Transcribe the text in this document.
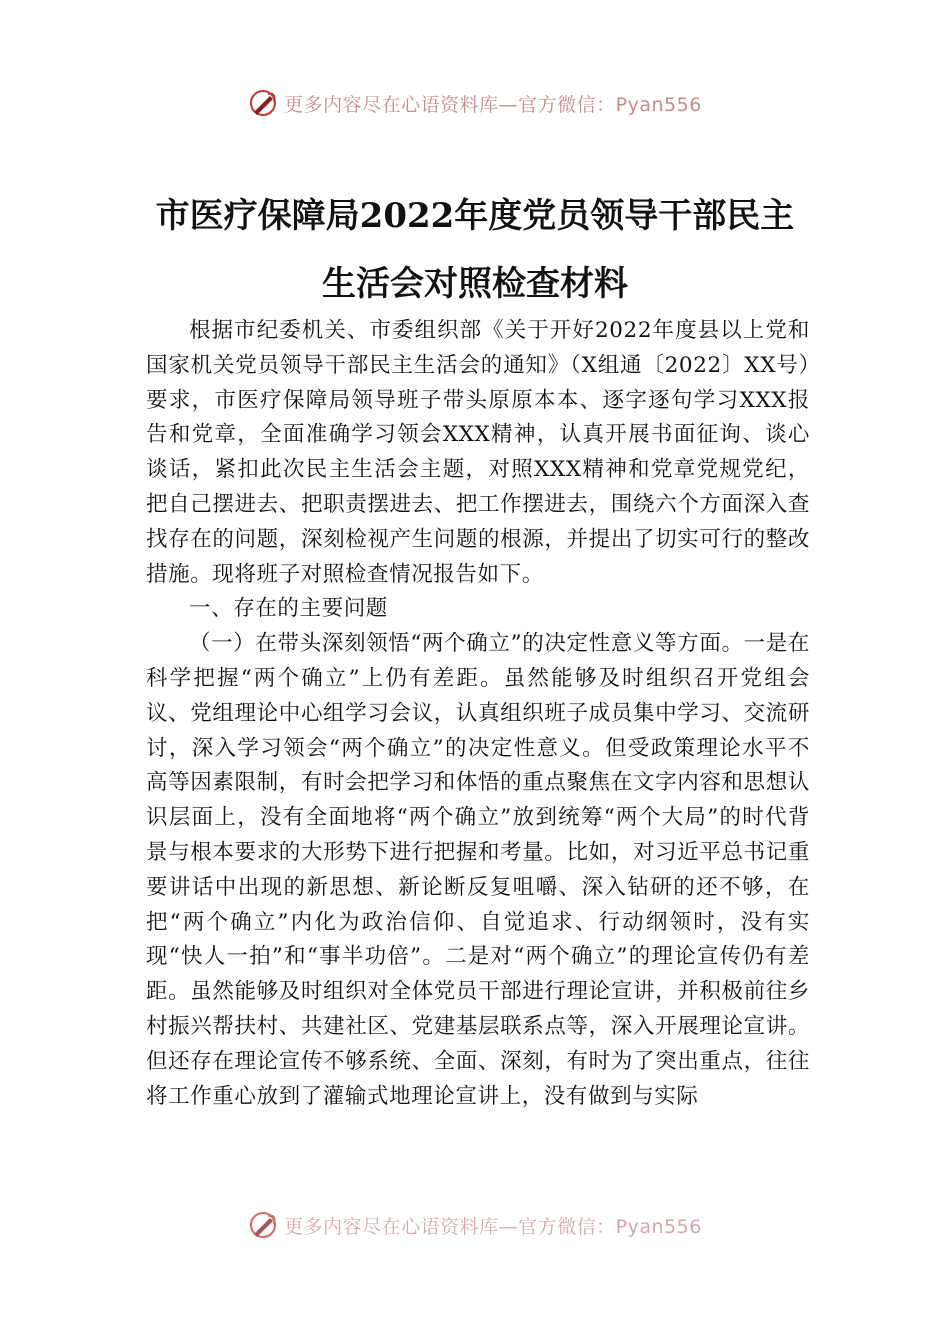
更多内容尽在心语资料库—官方微信：Pyan556
市医疗保障局2022年度党员领导干部民主
生活会对照检查材料

根据市纪委机关、市委组织部《关于开好2022年度县以上党和国家机关党员领导干部民主生活会的通知》（X组通〔2022〕XX号）要求，市医疗保障局领导班子带头原原本本、逐字逐句学习XXX报告和党章，全面准确学习领会XXX精神，认真开展书面征询、谈心谈话，紧扣此次民主生活会主题，对照XXX精神和党章党规党纪，把自己摆进去、把职责摆进去、把工作摆进去，围绕六个方面深入查找存在的问题，深刻检视产生问题的根源，并提出了切实可行的整改措施。现将班子对照检查情况报告如下。

一、存在的主要问题

（一）在带头深刻领悟“两个确立”的决定性意义等方面。一是在科学把握“两个确立”上仍有差距。虽然能够及时组织召开党组会议、党组理论中心组学习会议，认真组织班子成员集中学习、交流研讨，深入学习领会“两个确立”的决定性意义。但受政策理论水平不高等因素限制，有时会把学习和体悟的重点聚焦在文字内容和思想认识层面上，没有全面地将“两个确立”放到统筹“两个大局”的时代背景与根本要求的大形势下进行把握和考量。比如，对习近平总书记重要讲话中出现的新思想、新论断反复咀嚼、深入钻研的还不够，在把“两个确立”内化为政治信仰、自觉追求、行动纲领时，没有实现“快人一拍”和“事半功倍”。二是对“两个确立”的理论宣传仍有差距。虽然能够及时组织对全体党员干部进行理论宣讲，并积极前往乡村振兴帮扶村、共建社区、党建基层联系点等，深入开展理论宣讲。但还存在理论宣传不够系统、全面、深刻，有时为了突出重点，往往将工作重心放到了灌输式地理论宣讲上，没有做到与实际

更多内容尽在心语资料库—官方微信：Pyan556
